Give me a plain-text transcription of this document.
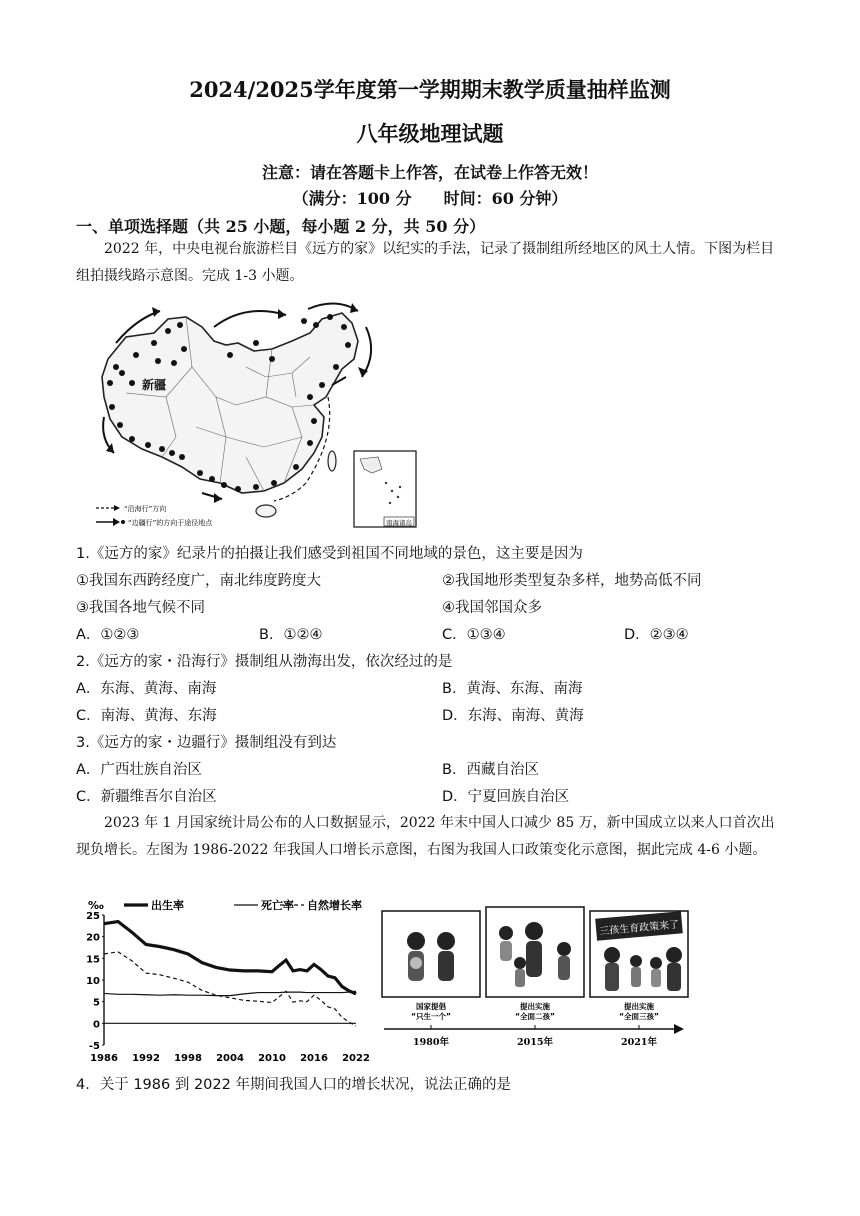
2024/2025学年度第一学期期末教学质量抽样监测
八年级地理试题
注意：请在答题卡上作答，在试卷上作答无效！
（满分：100 分　　时间：60 分钟）
一、单项选择题（共 25 小题，每小题 2 分，共 50 分）
2022 年，中央电视台旅游栏目《远方的家》以纪实的手法，记录了摄制组所经地区的风土人情。下图为栏目组拍摄线路示意图。完成 1-3 小题。
新疆
“沿海行”方向
“边疆行”的方向于途径地点	南海诸岛
1.《远方的家》纪录片的拍摄让我们感受到祖国不同地域的景色，这主要是因为
①我国东西跨经度广，南北纬度跨度大	②我国地形类型复杂多样，地势高低不同
③我国各地气候不同	④我国邻国众多
A．①②③	B．①②④	C．①③④	D．②③④
2.《远方的家・沿海行》摄制组从渤海出发，依次经过的是
A．东海、黄海、南海	B．黄海、东海、南海
C．南海、黄海、东海	D．东海、南海、黄海
3.《远方的家・边疆行》摄制组没有到达
A．广西壮族自治区	B．西藏自治区
C．新疆维吾尔自治区	D．宁夏回族自治区
2023 年 1 月国家统计局公布的人口数据显示，2022 年末中国人口减少 85 万，新中国成立以来人口首次出现负增长。左图为 1986-2022 年我国人口增长示意图，右图为我国人口政策变化示意图，据此完成 4-6 小题。
‰	出生率	死亡率 自然增长率
25
20
15
10
5
0
-5
1986 1992 1998 2004 2010 2016 2022
三孩生育政策来了
国家提倡
“只生一个”
提出实施
“全面二孩”
提出实施
“全面三孩”
1980年	2015年	2021年
4．关于 1986 到 2022 年期间我国人口的增长状况，说法正确的是
